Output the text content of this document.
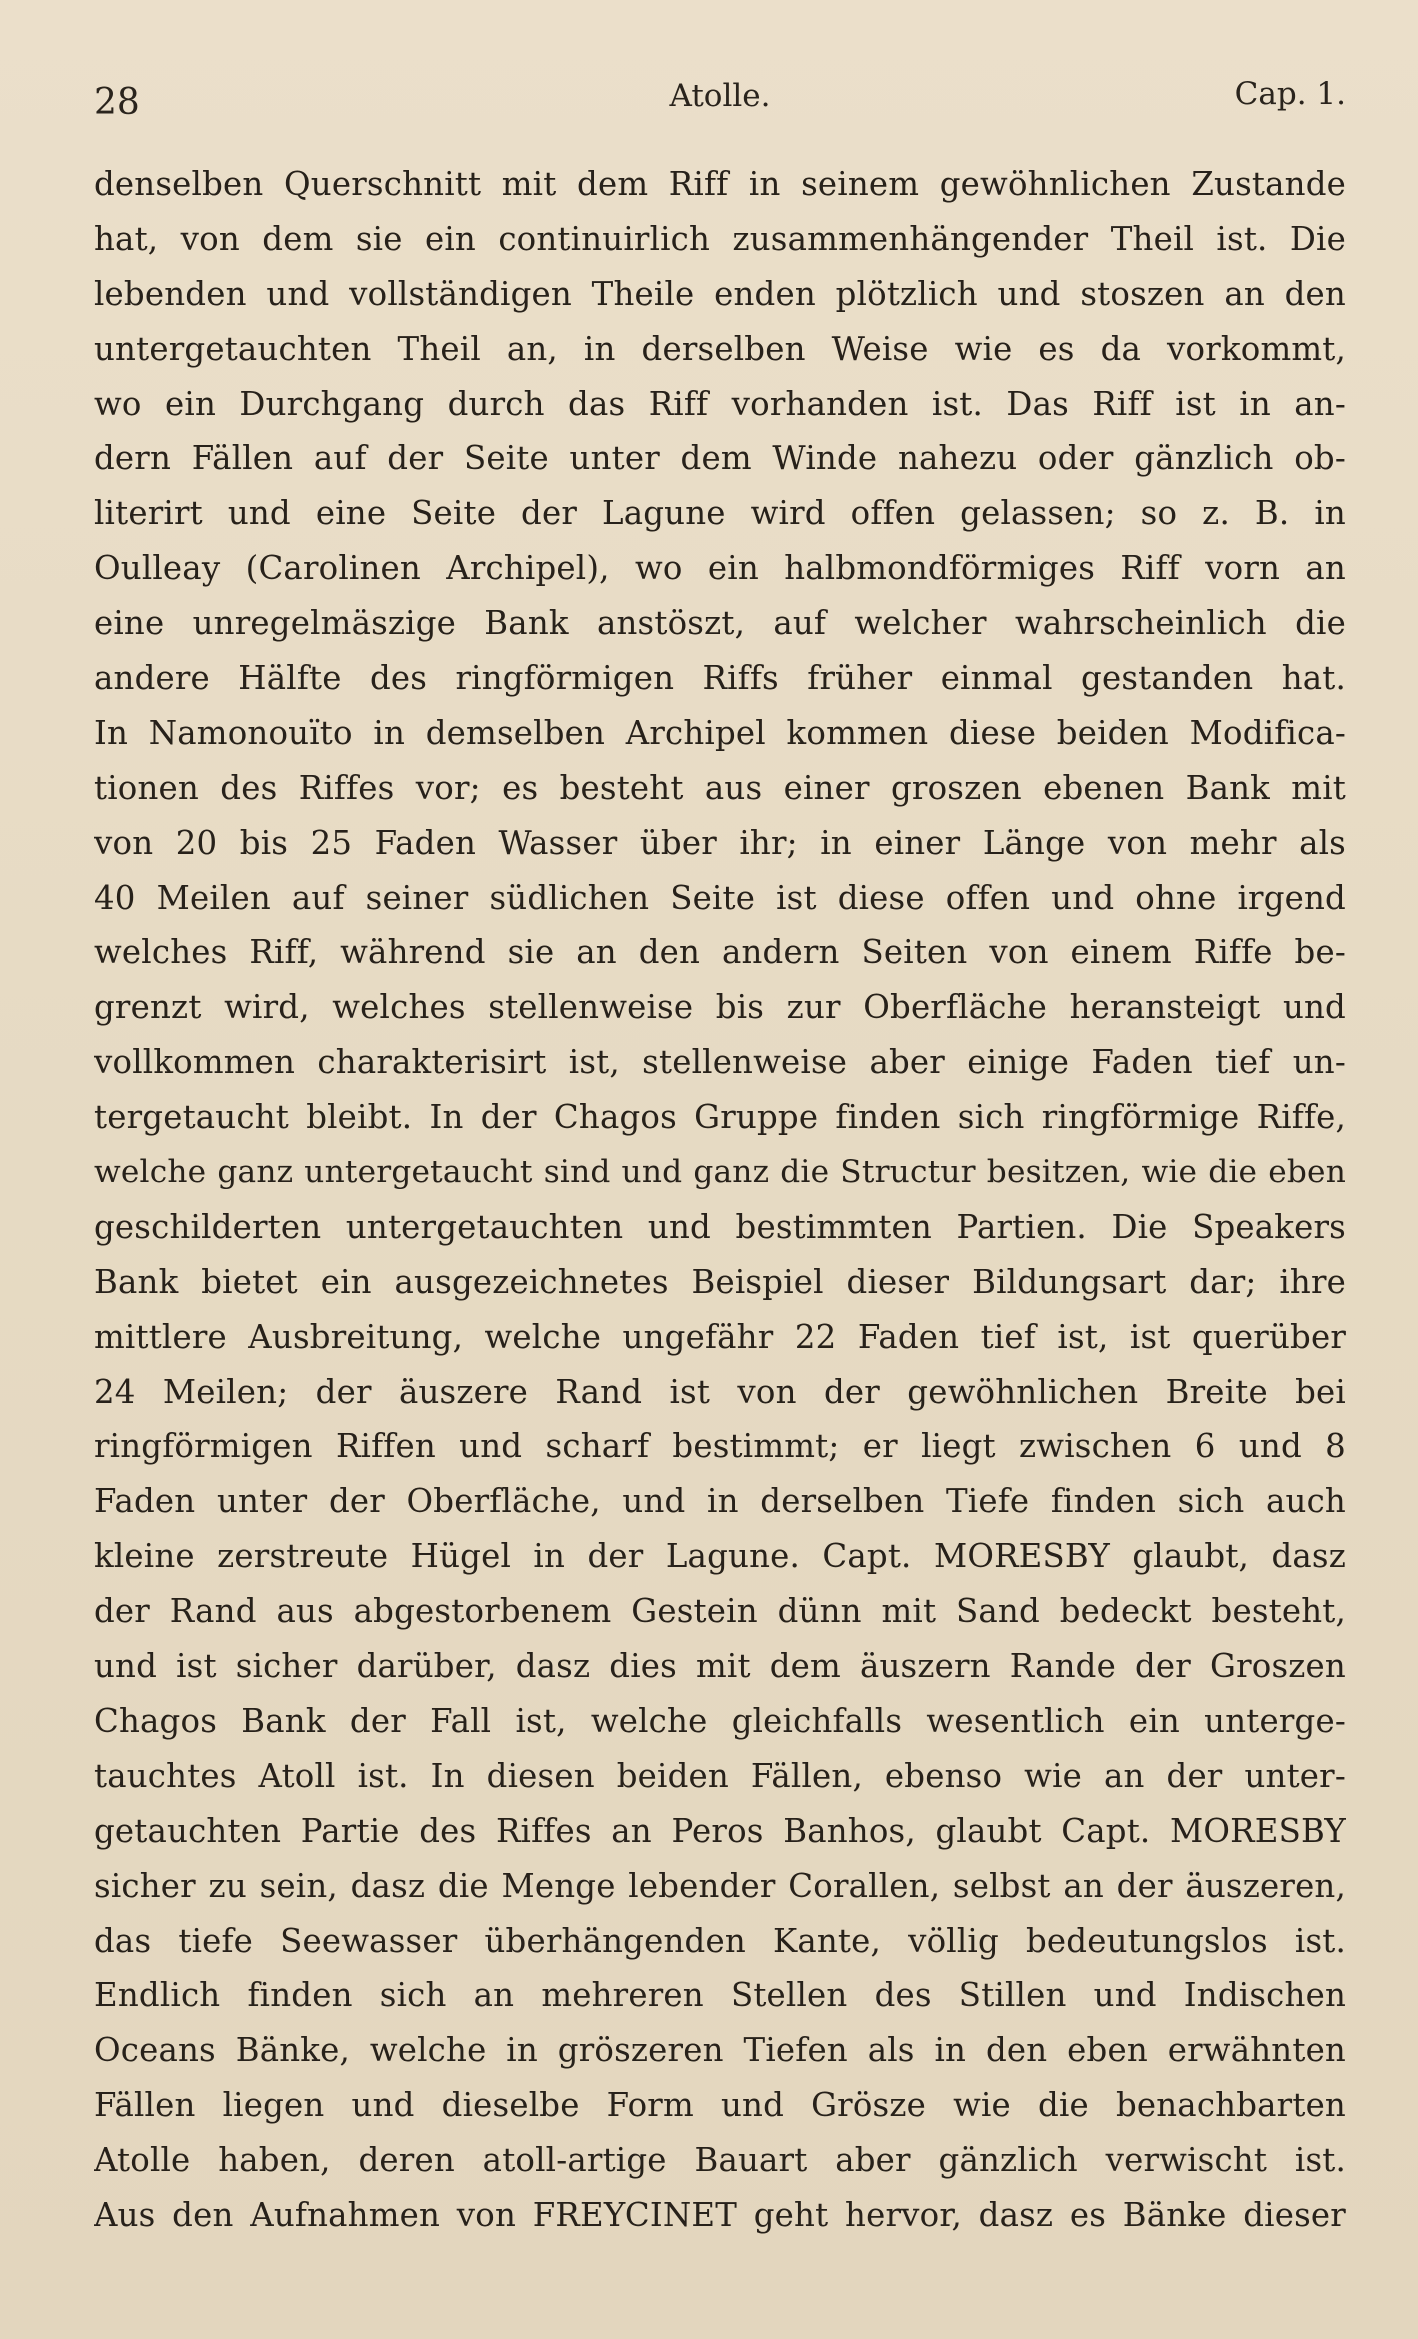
28	Atolle.	Cap. 1.
denselben Querschnitt mit dem Riff in seinem gewöhnlichen Zustande
hat, von dem sie ein continuirlich zusammenhängender Theil ist. Die
lebenden und vollständigen Theile enden plötzlich und stoszen an den
untergetauchten Theil an, in derselben Weise wie es da vorkommt,
wo ein Durchgang durch das Riff vorhanden ist. Das Riff ist in an-
dern Fällen auf der Seite unter dem Winde nahezu oder gänzlich ob-
literirt und eine Seite der Lagune wird offen gelassen; so z. B. in
Oulleay (Carolinen Archipel), wo ein halbmondförmiges Riff vorn an
eine unregelmäszige Bank anstöszt, auf welcher wahrscheinlich die
andere Hälfte des ringförmigen Riffs früher einmal gestanden hat.
In Namonouïto in demselben Archipel kommen diese beiden Modifica-
tionen des Riffes vor; es besteht aus einer groszen ebenen Bank mit
von 20 bis 25 Faden Wasser über ihr; in einer Länge von mehr als
40 Meilen auf seiner südlichen Seite ist diese offen und ohne irgend
welches Riff, während sie an den andern Seiten von einem Riffe be-
grenzt wird, welches stellenweise bis zur Oberfläche heransteigt und
vollkommen charakterisirt ist, stellenweise aber einige Faden tief un-
tergetaucht bleibt. In der Chagos Gruppe finden sich ringförmige Riffe,
welche ganz untergetaucht sind und ganz die Structur besitzen, wie die eben
geschilderten untergetauchten und bestimmten Partien. Die Speakers
Bank bietet ein ausgezeichnetes Beispiel dieser Bildungsart dar; ihre
mittlere Ausbreitung, welche ungefähr 22 Faden tief ist, ist querüber
24 Meilen; der äuszere Rand ist von der gewöhnlichen Breite bei
ringförmigen Riffen und scharf bestimmt; er liegt zwischen 6 und 8
Faden unter der Oberfläche, und in derselben Tiefe finden sich auch
kleine zerstreute Hügel in der Lagune. Capt. MORESBY glaubt, dasz
der Rand aus abgestorbenem Gestein dünn mit Sand bedeckt besteht,
und ist sicher darüber, dasz dies mit dem äuszern Rande der Groszen
Chagos Bank der Fall ist, welche gleichfalls wesentlich ein unterge-
tauchtes Atoll ist. In diesen beiden Fällen, ebenso wie an der unter-
getauchten Partie des Riffes an Peros Banhos, glaubt Capt. MORESBY
sicher zu sein, dasz die Menge lebender Corallen, selbst an der äuszeren,
das tiefe Seewasser überhängenden Kante, völlig bedeutungslos ist.
Endlich finden sich an mehreren Stellen des Stillen und Indischen
Oceans Bänke, welche in gröszeren Tiefen als in den eben erwähnten
Fällen liegen und dieselbe Form und Grösze wie die benachbarten
Atolle haben, deren atoll-artige Bauart aber gänzlich verwischt ist.
Aus den Aufnahmen von FREYCINET geht hervor, dasz es Bänke dieser
